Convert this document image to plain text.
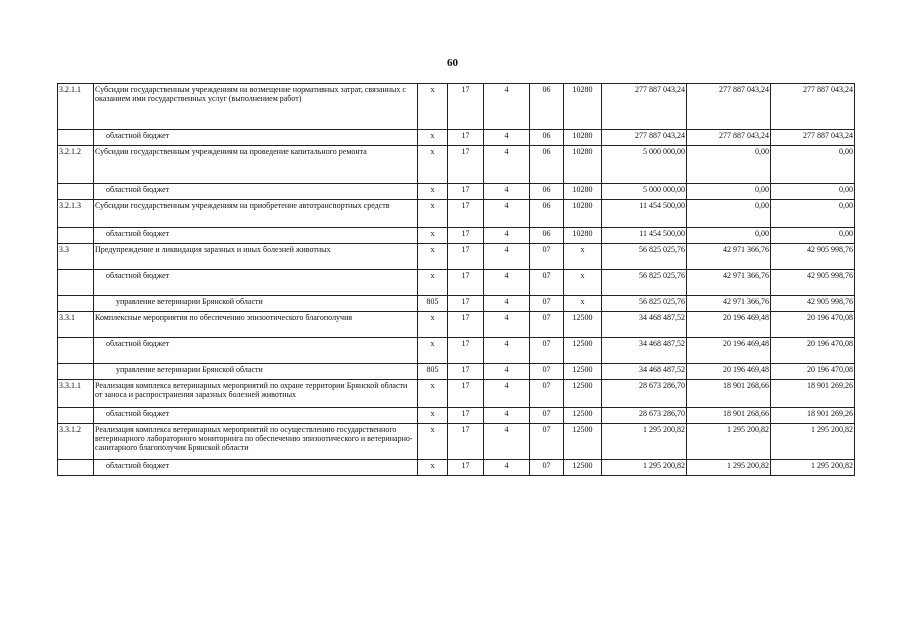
60
3.2.1.1	Субсидии государственным учреждениям на возмещение нормативных затрат, связанных с оказанием ими государственных услуг (выполнением работ)	х	17	4	06	10280	277 887 043,24	277 887 043,24	277 887 043,24
	областной бюджет	х	17	4	06	10280	277 887 043,24	277 887 043,24	277 887 043,24
3.2.1.2	Субсидии государственным учреждениям на проведение капитального ремонта	х	17	4	06	10280	5 000 000,00	0,00	0,00
	областной бюджет	х	17	4	06	10280	5 000 000,00	0,00	0,00
3.2.1.3	Субсидии государственным учреждениям на приобретение автотранспортных средств	х	17	4	06	10280	11 454 500,00	0,00	0,00
	областной бюджет	х	17	4	06	10280	11 454 500,00	0,00	0,00
3.3	Предупреждение и ликвидация заразных и иных болезней животных	х	17	4	07	х	56 825 025,76	42 971 366,76	42 905 998,76
	областной бюджет	х	17	4	07	х	56 825 025,76	42 971 366,76	42 905 998,76
	управление ветеринарии Брянской области	805	17	4	07	х	56 825 025,76	42 971 366,76	42 905 998,76
3.3.1	Комплексные мероприятия по обеспечению эпизоотического благополучия	х	17	4	07	12500	34 468 487,52	20 196 469,48	20 196 470,08
	областной бюджет	х	17	4	07	12500	34 468 487,52	20 196 469,48	20 196 470,08
	управление ветеринарии Брянской области	805	17	4	07	12500	34 468 487,52	20 196 469,48	20 196 470,08
3.3.1.1	Реализация комплекса ветеринарных мероприятий по охране территории Брянской области от заноса и распространения заразных болезней животных	х	17	4	07	12500	28 673 286,70	18 901 268,66	18 901 269,26
	областной бюджет	х	17	4	07	12500	28 673 286,70	18 901 268,66	18 901 269,26
3.3.1.2	Реализация комплекса ветеринарных мероприятий по осуществлению государственного ветеринарного лабораторного мониторинга по обеспечению эпизоотического и ветеринарно-санитарного благополучия Брянской области	х	17	4	07	12500	1 295 200,82	1 295 200,82	1 295 200,82
	областной бюджет	х	17	4	07	12500	1 295 200,82	1 295 200,82	1 295 200,82
